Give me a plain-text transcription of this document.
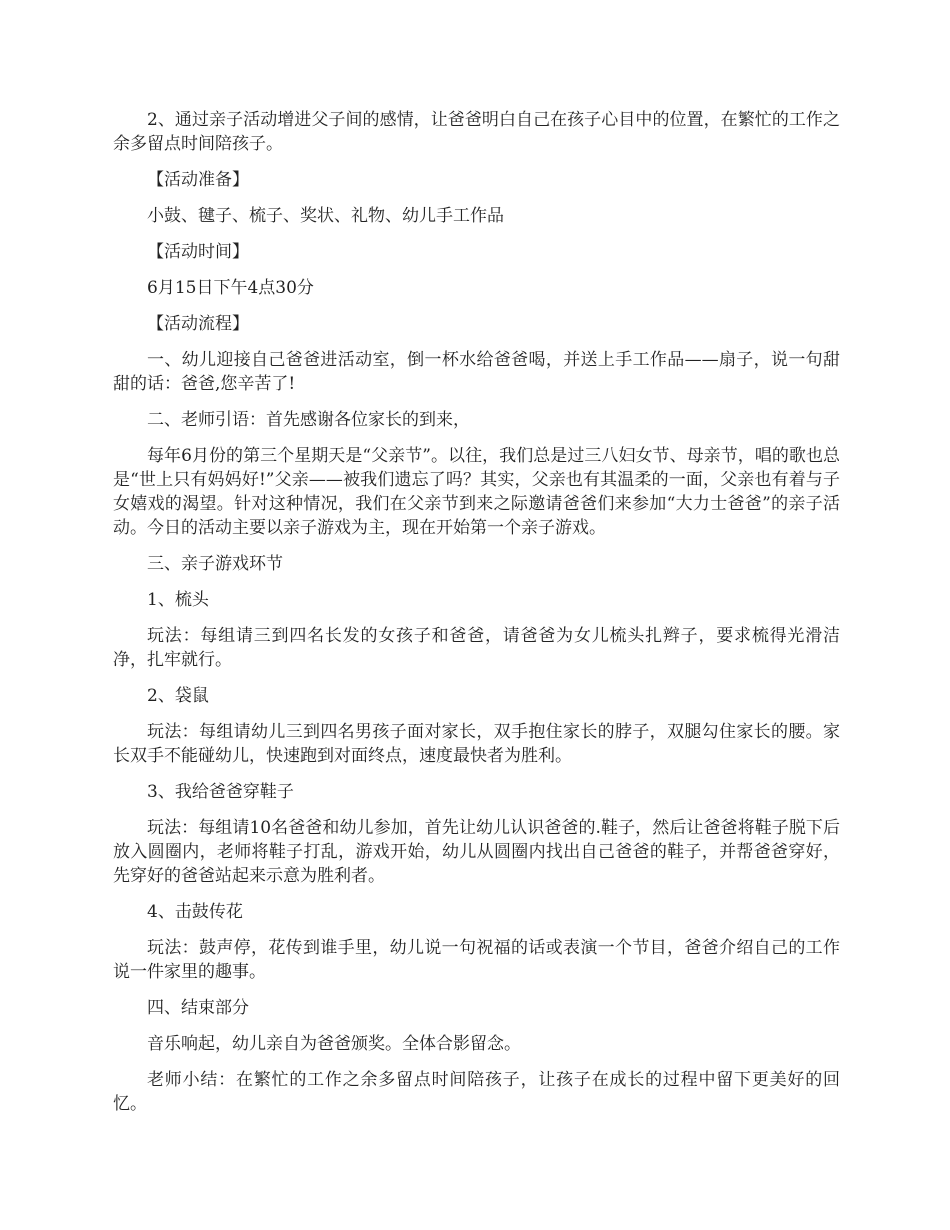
2、通过亲子活动增进父子间的感情，让爸爸明白自己在孩子心目中的位置，在繁忙的工作之余多留点时间陪孩子。

【活动准备】

小鼓、毽子、梳子、奖状、礼物、幼儿手工作品

【活动时间】

6月15日下午4点30分

【活动流程】

一、幼儿迎接自己爸爸进活动室，倒一杯水给爸爸喝，并送上手工作品——扇子，说一句甜甜的话：爸爸,您辛苦了!

二、老师引语：首先感谢各位家长的到来，

每年6月份的第三个星期天是“父亲节”。以往，我们总是过三八妇女节、母亲节，唱的歌也总是“世上只有妈妈好!”父亲——被我们遗忘了吗？其实，父亲也有其温柔的一面，父亲也有着与子女嬉戏的渴望。针对这种情况，我们在父亲节到来之际邀请爸爸们来参加“大力士爸爸”的亲子活动。今日的活动主要以亲子游戏为主，现在开始第一个亲子游戏。

三、亲子游戏环节

1、梳头

玩法：每组请三到四名长发的女孩子和爸爸，请爸爸为女儿梳头扎辫子，要求梳得光滑洁净，扎牢就行。

2、袋鼠

玩法：每组请幼儿三到四名男孩子面对家长，双手抱住家长的脖子，双腿勾住家长的腰。家长双手不能碰幼儿，快速跑到对面终点，速度最快者为胜利。

3、我给爸爸穿鞋子

玩法：每组请10名爸爸和幼儿参加，首先让幼儿认识爸爸的.鞋子，然后让爸爸将鞋子脱下后放入圆圈内，老师将鞋子打乱，游戏开始，幼儿从圆圈内找出自己爸爸的鞋子，并帮爸爸穿好，先穿好的爸爸站起来示意为胜利者。

4、击鼓传花

玩法：鼓声停，花传到谁手里，幼儿说一句祝福的话或表演一个节目，爸爸介绍自己的工作说一件家里的趣事。

四、结束部分

音乐响起，幼儿亲自为爸爸颁奖。全体合影留念。

老师小结：在繁忙的工作之余多留点时间陪孩子，让孩子在成长的过程中留下更美好的回忆。
